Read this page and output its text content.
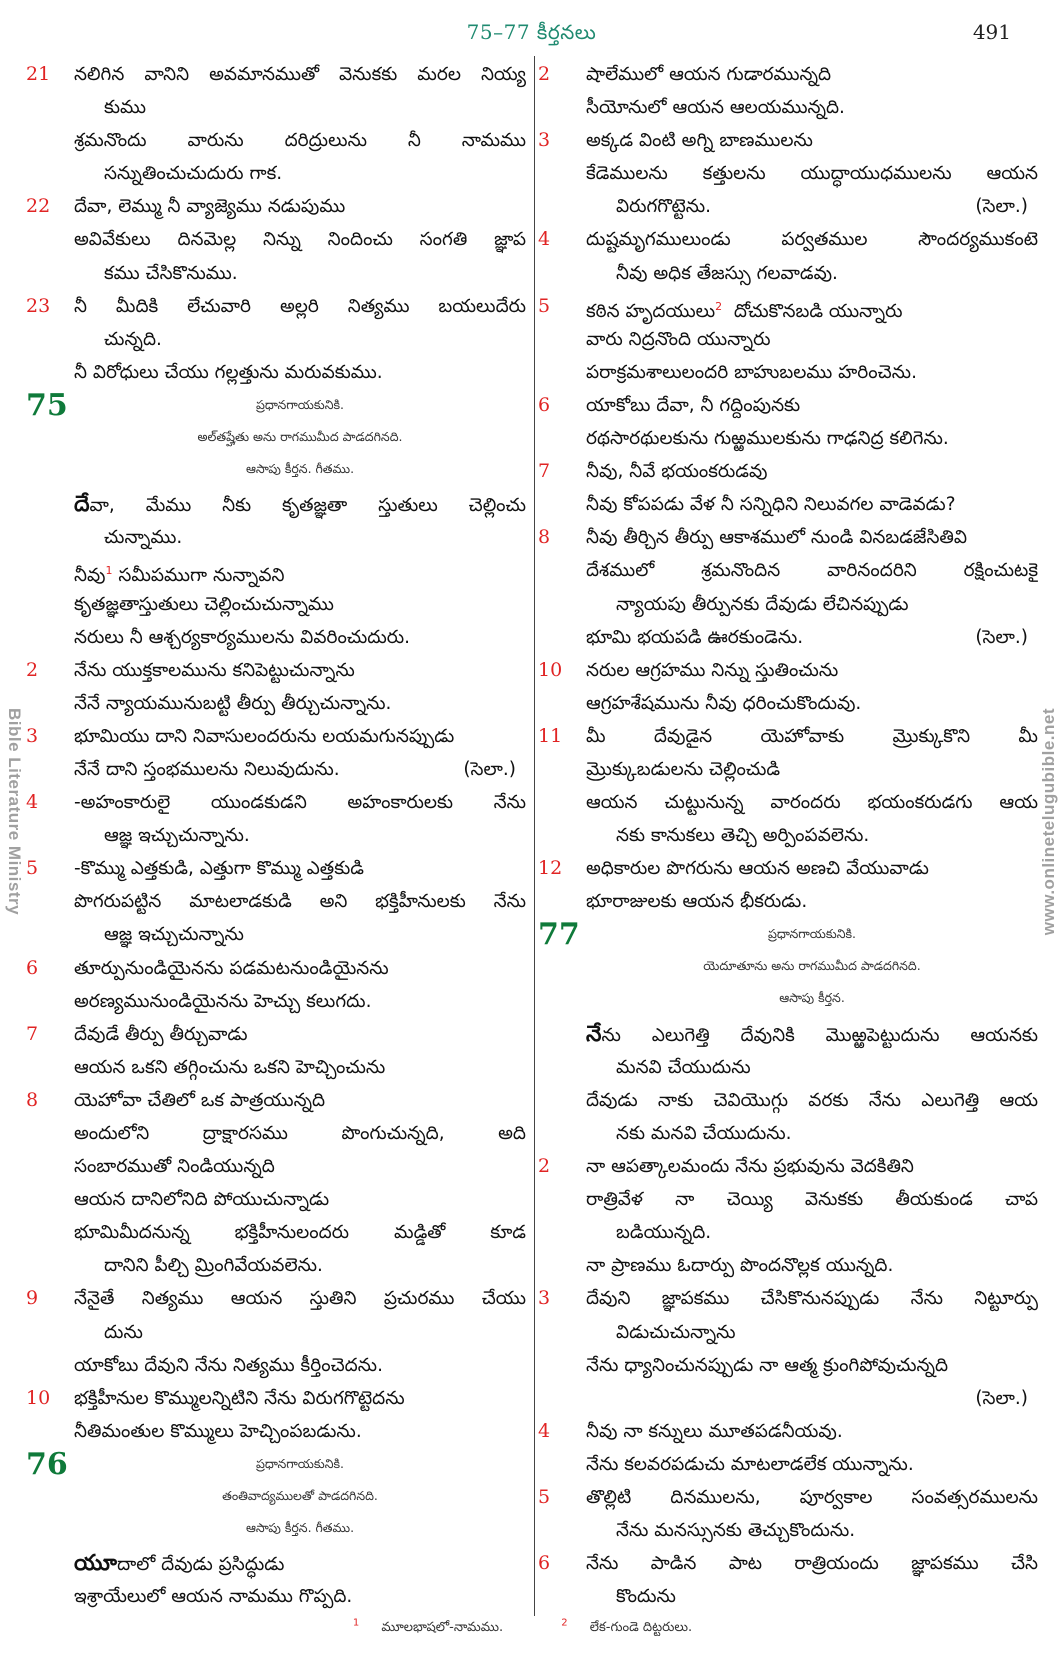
75–77 కీర్తనలు	491
Bible Literature Ministry	www.onlinetelugubible.net
21 నలిగిన వానిని అవమానముతో వెనుకకు మరల నియ్య
కుము
శ్రమనొందు వారును దరిద్రులును నీ నామము
సన్నుతించుచుదురు గాక.
22 దేవా, లెమ్ము నీ వ్యాజ్యెము నడుపుము
అవివేకులు దినమెల్ల నిన్ను నిందించు సంగతి జ్ఞాప
కము చేసికొనుము.
23 నీ మీదికి లేచువారి అల్లరి నిత్యము బయలుదేరు
చున్నది.
నీ విరోధులు చేయు గల్లత్తును మరువకుము.
75	ప్రధానగాయకునికి.
అల్‌తష్హేతు అను రాగముమీద పాడదగినది.
ఆసాపు కీర్తన. గీతము.
దేవా, మేము నీకు కృతజ్ఞతా స్తుతులు చెల్లించు
చున్నాము.
నీవు$^1$ సమీపముగా నున్నావని
కృతజ్ఞతాస్తుతులు చెల్లించుచున్నాము
నరులు నీ ఆశ్చర్యకార్యములను వివరించుదురు.
2 నేను యుక్తకాలమును కనిపెట్టుచున్నాను
నేనే న్యాయమునుబట్టి తీర్పు తీర్చుచున్నాను.
3 భూమియు దాని నివాసులందరును లయమగునప్పుడు
నేనే దాని స్తంభములను నిలువుదును.	(సెలా.)
4 -అహంకారులై యుండకుడని అహంకారులకు నేను
ఆజ్ఞ ఇచ్చుచున్నాను.
5 -కొమ్ము ఎత్తకుడి, ఎత్తుగా కొమ్ము ఎత్తకుడి
పొగరుపట్టిన మాటలాడకుడి అని భక్తిహీనులకు నేను
ఆజ్ఞ ఇచ్చుచున్నాను
6 తూర్పునుండియైనను పడమటనుండియైనను
అరణ్యమునుండియైనను హెచ్చు కలుగదు.
7 దేవుడే తీర్పు తీర్చువాడు
ఆయన ఒకని తగ్గించును ఒకని హెచ్చించును
8 యెహోవా చేతిలో ఒక పాత్రయున్నది
అందులోని ద్రాక్షారసము పొంగుచున్నది, అది
సంబారముతో నిండియున్నది
ఆయన దానిలోనిది పోయుచున్నాడు
భూమిమీదనున్న భక్తిహీనులందరు మడ్డితో కూడ
దానిని పీల్చి మ్రింగివేయవలెను.
9 నేనైతే నిత్యము ఆయన స్తుతిని ప్రచురము చేయు
దును
యాకోబు దేవుని నేను నిత్యము కీర్తించెదను.
10 భక్తిహీనుల కొమ్ములన్నిటిని నేను విరుగగొట్టెదను
నీతిమంతుల కొమ్ములు హెచ్చింపబడును.
76	ప్రధానగాయకునికి.
తంతివాద్యములతో పాడదగినది.
ఆసాపు కీర్తన. గీతము.
యూదాలో దేవుడు ప్రసిద్ధుడు
ఇశ్రాయేలులో ఆయన నామము గొప్పది.
2 షాలేములో ఆయన గుడారమున్నది
సీయోనులో ఆయన ఆలయమున్నది.
3 అక్కడ వింటి అగ్ని బాణములను
కేడెములను కత్తులను యుద్ధాయుధములను ఆయన
విరుగగొట్టెను.	(సెలా.)
4 దుష్టమృగములుండు పర్వతముల సౌందర్యముకంటె
నీవు అధిక తేజస్సు గలవాడవు.
5 కఠిన హృదయులు$^2$ దోచుకొనబడి యున్నారు
వారు నిద్రనొంది యున్నారు
పరాక్రమశాలులందరి బాహుబలము హరించెను.
6 యాకోబు దేవా, నీ గద్దింపునకు
రథసారథులకును గుఱ్ఱములకును గాఢనిద్ర కలిగెను.
7 నీవు, నీవే భయంకరుడవు
నీవు కోపపడు వేళ నీ సన్నిధిని నిలువగల వాడెవడు?
8 నీవు తీర్చిన తీర్పు ఆకాశములో నుండి వినబడజేసితివి
దేశములో శ్రమనొందిన వారినందరిని రక్షించుటకై
న్యాయపు తీర్పునకు దేవుడు లేచినప్పుడు
భూమి భయపడి ఊరకుండెను.	(సెలా.)
10 నరుల ఆగ్రహము నిన్ను స్తుతించును
ఆగ్రహశేషమును నీవు ధరించుకొందువు.
11 మీ దేవుడైన యెహోవాకు మ్రొక్కుకొని మీ
మ్రొక్కుబడులను చెల్లించుడి
ఆయన చుట్టునున్న వారందరు భయంకరుడగు ఆయ
నకు కానుకలు తెచ్చి అర్పింపవలెను.
12 అధికారుల పొగరును ఆయన అణచి వేయువాడు
భూరాజులకు ఆయన భీకరుడు.
77	ప్రధానగాయకునికి.
యెదూతూను అను రాగముమీద పాడదగినది.
ఆసాపు కీర్తన.
నేను ఎలుగెత్తి దేవునికి మొఱ్ఱపెట్టుదును ఆయనకు
మనవి చేయుదును
దేవుడు నాకు చెవియొగ్గు వరకు నేను ఎలుగెత్తి ఆయ
నకు మనవి చేయుదును.
2 నా ఆపత్కాలమందు నేను ప్రభువును వెదకితిని
రాత్రివేళ నా చెయ్యి వెనుకకు తీయకుండ చాప
బడియున్నది.
నా ప్రాణము ఓదార్పు పొందనొల్లక యున్నది.
3 దేవుని జ్ఞాపకము చేసికొనునప్పుడు నేను నిట్టూర్పు
విడుచుచున్నాను
నేను ధ్యానించునప్పుడు నా ఆత్మ క్రుంగిపోవుచున్నది
(సెలా.)
4 నీవు నా కన్నులు మూతపడనీయవు.
నేను కలవరపడుచు మాటలాడలేక యున్నాను.
5 తొల్లిటి దినములను, పూర్వకాల సంవత్సరములను
నేను మనస్సునకు తెచ్చుకొందును.
6 నేను పాడిన పాట రాత్రియందు జ్ఞాపకము చేసి
కొందును
$^1$ మూలభాషలో-నామము.	$^2$ లేక-గుండె దిట్టరులు.
